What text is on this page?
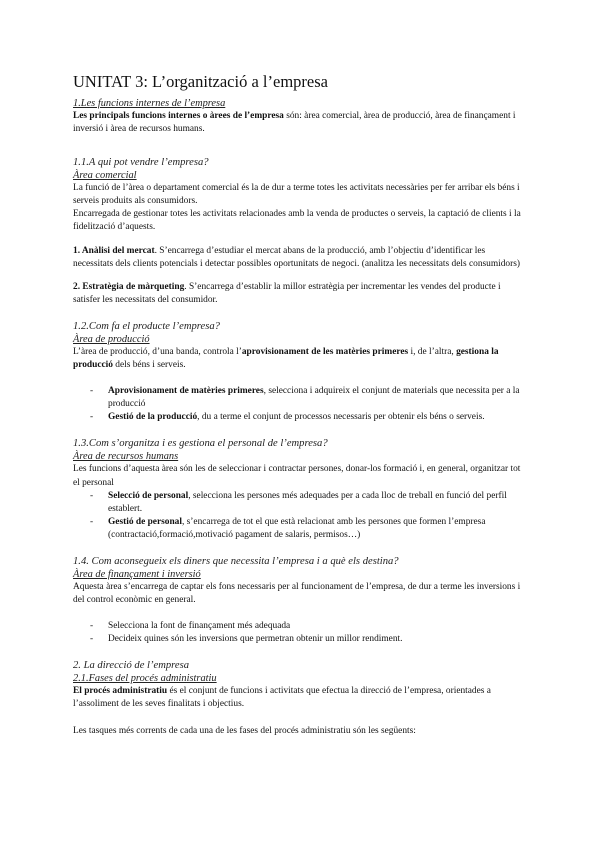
UNITAT 3: L’organització a l’empresa
1.Les funcions internes de l’empresa

Les principals funcions internes o àrees de l’empresa són: àrea comercial, àrea de producció, àrea de finançament i inversió i àrea de recursos humans.

1.1.A qui pot vendre l’empresa?
Àrea comercial

La funció de l’àrea o departament comercial és la de dur a terme totes les activitats necessàries per fer arribar els béns i serveis produits als consumidors.

Encarregada de gestionar totes les activitats relacionades amb la venda de productes o serveis, la captació de clients i la fidelització d’aquests.

1. Anàlisi del mercat. S’encarrega d’estudiar el mercat abans de la producció, amb l’objectiu d’identificar les necessitats dels clients potencials i detectar possibles oportunitats de negoci. (analitza les necessitats dels consumidors)

2. Estratègia de màrqueting. S’encarrega d’establir la millor estratègia per incrementar les vendes del producte i satisfer les necessitats del consumidor.

1.2.Com fa el producte l’empresa?
Àrea de producció

L’àrea de producció, d’una banda, controla l’aprovisionament de les matèries primeres i, de l’altra, gestiona la producció dels béns i serveis.

- Aprovisionament de matèries primeres, selecciona i adquireix el conjunt de materials que necessita per a la producció
- Gestió de la producció, du a terme el conjunt de processos necessaris per obtenir els béns o serveis.
1.3.Com s’organitza i es gestiona el personal de l’empresa?
Àrea de recursos humans

Les funcions d’aquesta àrea són les de seleccionar i contractar persones, donar-los formació i, en general, organitzar tot el personal

- Selecció de personal, selecciona les persones més adequades per a cada lloc de treball en funció del perfil establert.
- Gestió de personal, s’encarrega de tot el que està relacionat amb les persones que formen l’empresa (contractació,formació,motivació pagament de salaris, permisos…)
1.4. Com aconsegueix els diners que necessita l’empresa i a què els destina?
Àrea de finançament i inversió

Aquesta àrea s’encarrega de captar els fons necessaris per al funcionament de l’empresa, de dur a terme les inversions i del control econòmic en general.

- Selecciona la font de finançament més adequada
- Decideix quines són les inversions que permetran obtenir un millor rendiment.
2. La direcció de l’empresa
2.1.Fases del procés administratiu

El procés administratiu és el conjunt de funcions i activitats que efectua la direcció de l’empresa, orientades a l’assoliment de les seves finalitats i objectius.

Les tasques més corrents de cada una de les fases del procés administratiu són les següents:
